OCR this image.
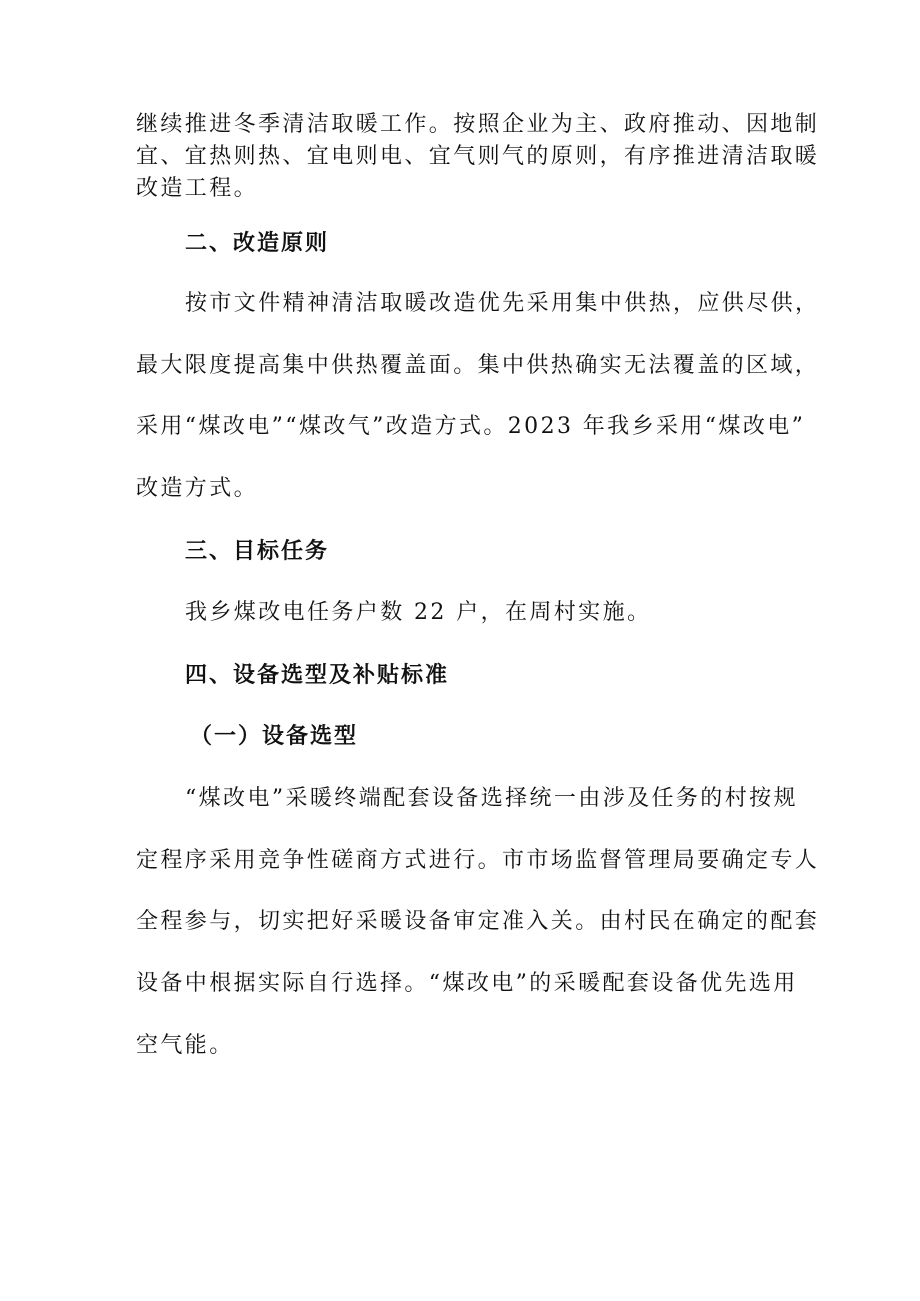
继续推进冬季清洁取暖工作。按照企业为主、政府推动、因地制
宜、宜热则热、宜电则电、宜气则气的原则，有序推进清洁取暖
改造工程。
二、改造原则
按市文件精神清洁取暖改造优先采用集中供热，应供尽供，
最大限度提高集中供热覆盖面。集中供热确实无法覆盖的区域，
采用“煤改电”“煤改气”改造方式。2023 年我乡采用“煤改电”
改造方式。
三、目标任务
我乡煤改电任务户数 22 户，在周村实施。
四、设备选型及补贴标准
（一）设备选型
“煤改电”采暖终端配套设备选择统一由涉及任务的村按规
定程序采用竞争性磋商方式进行。市市场监督管理局要确定专人
全程参与，切实把好采暖设备审定准入关。由村民在确定的配套
设备中根据实际自行选择。“煤改电”的采暖配套设备优先选用
空气能。
